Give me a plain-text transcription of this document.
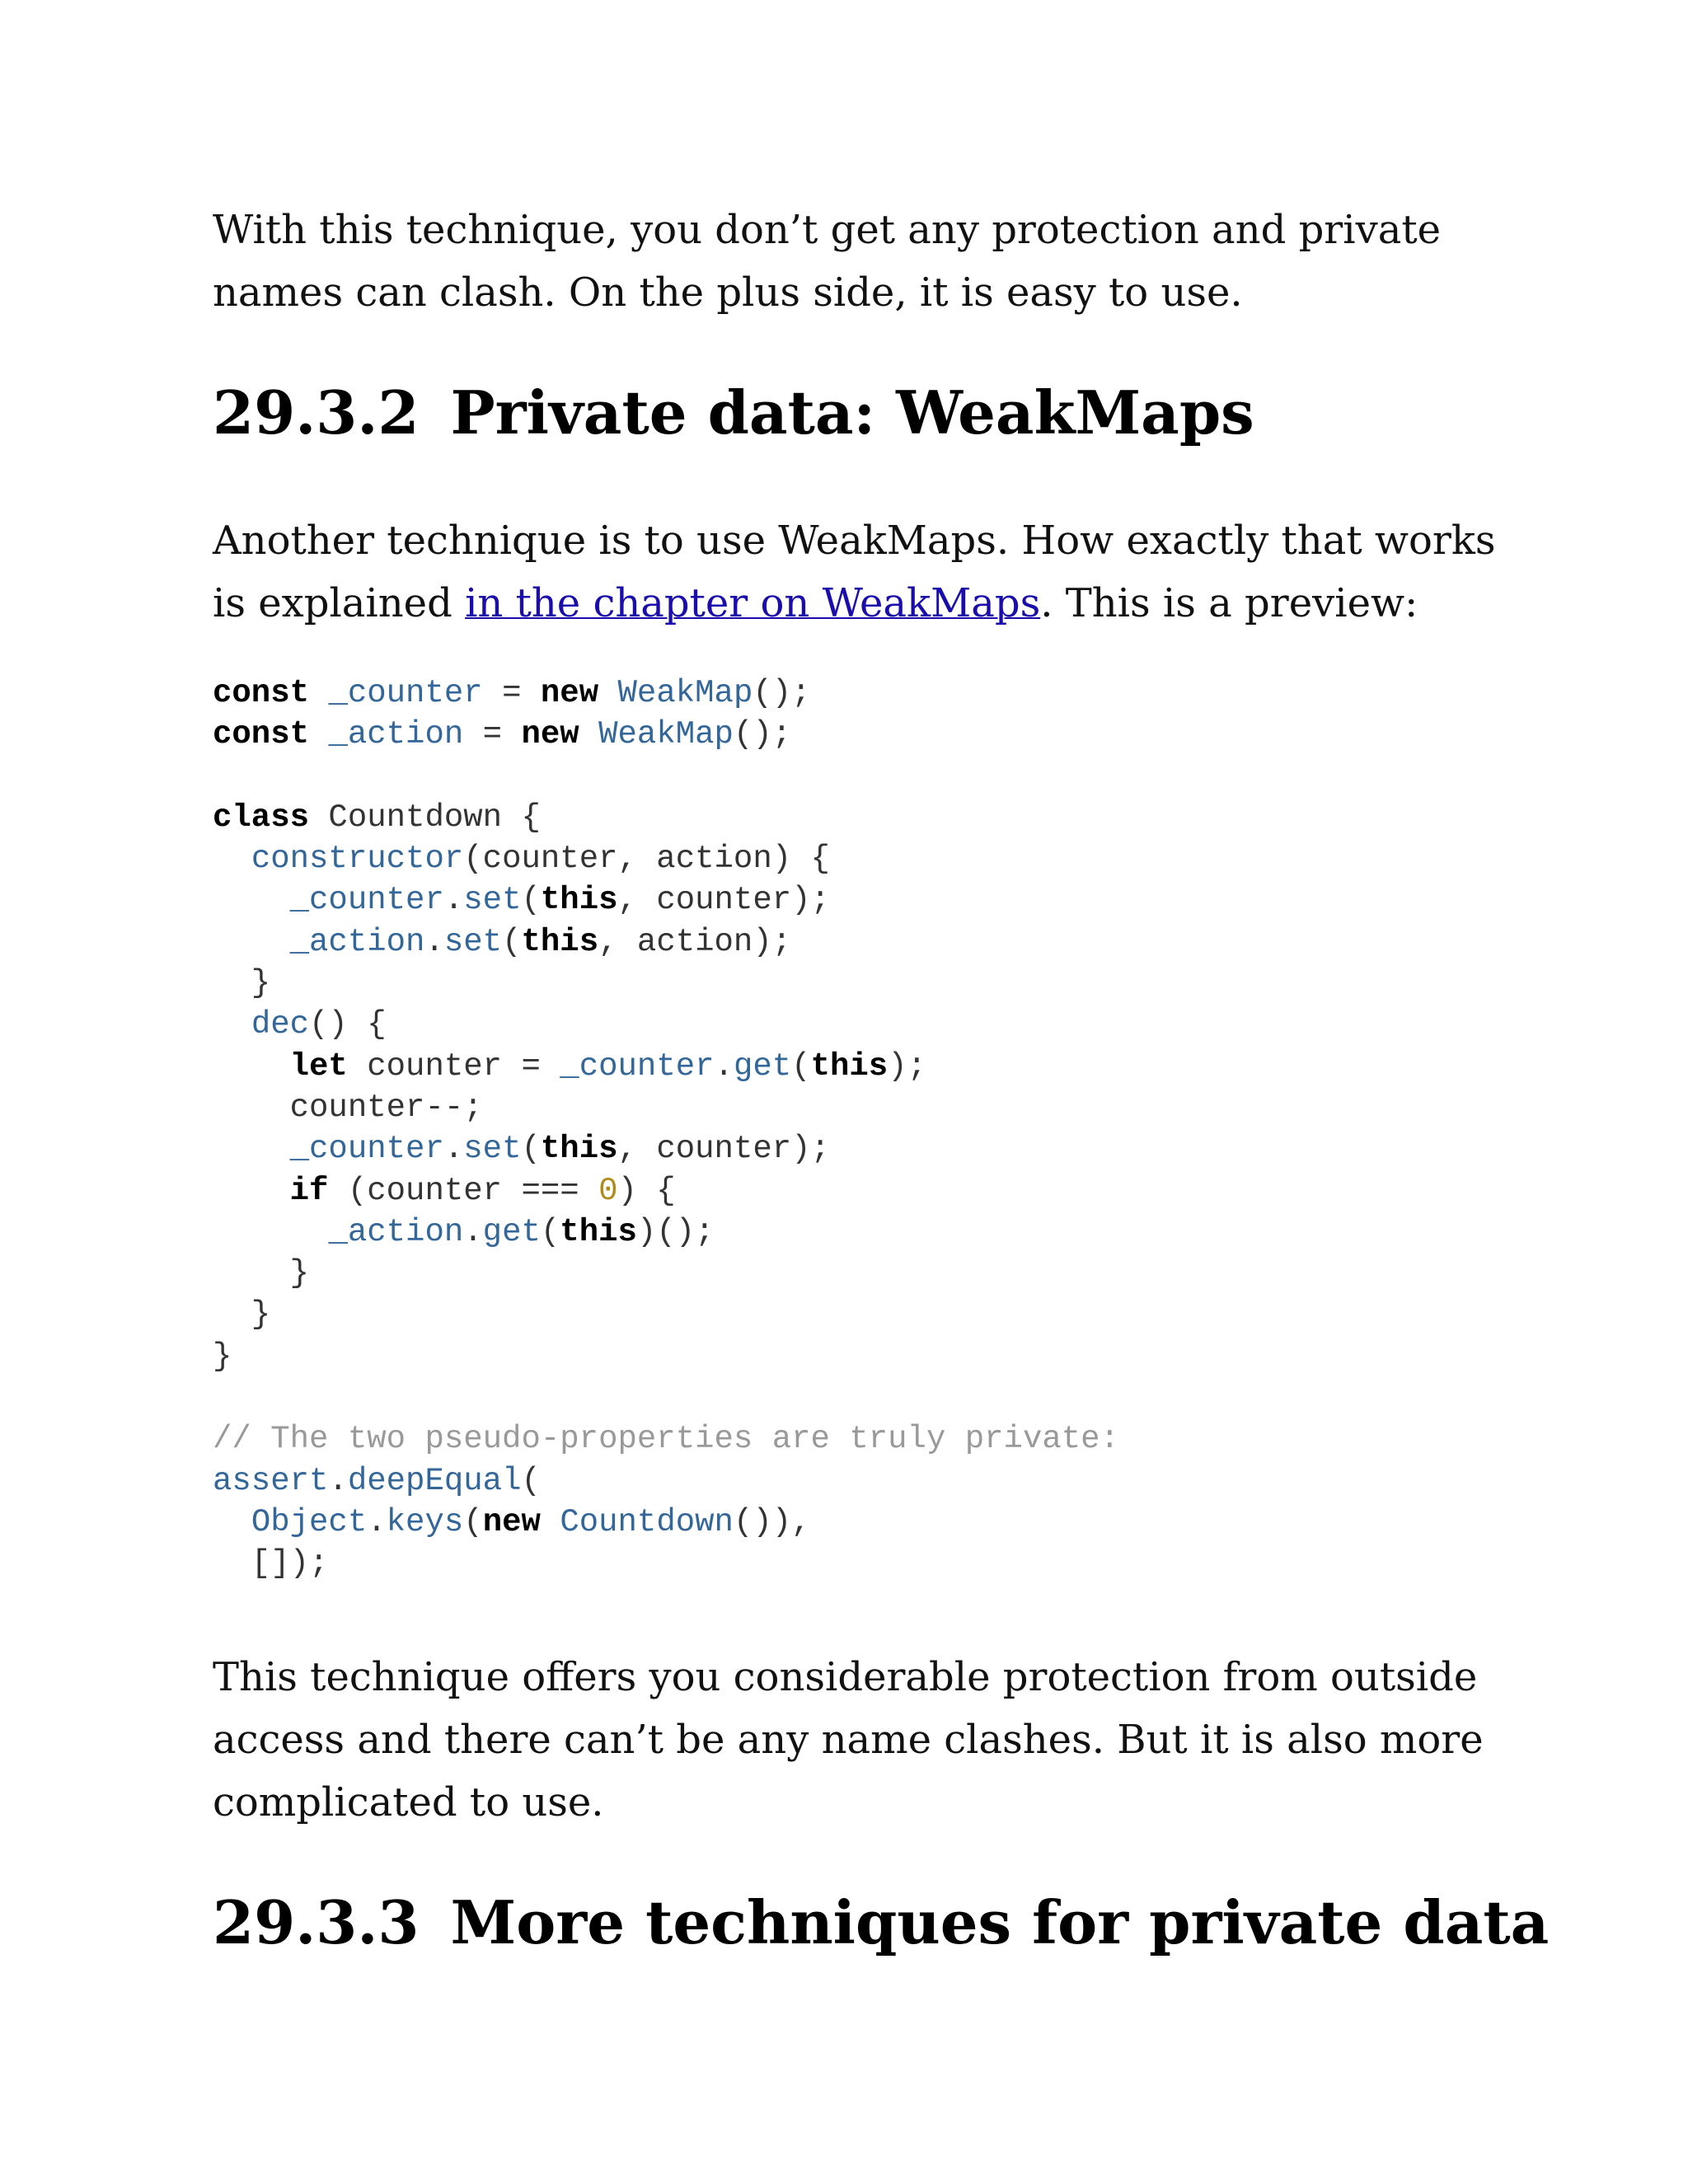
With this technique, you don’t get any protection and private names can clash. On the plus side, it is easy to use.

29.3.2 Private data: WeakMaps

Another technique is to use WeakMaps. How exactly that works is explained in the chapter on WeakMaps. This is a preview:

const _counter = new WeakMap();
const _action = new WeakMap();

class Countdown {
constructor(counter, action) {
_counter.set(this, counter);
_action.set(this, action);
}
dec() {
let counter = _counter.get(this);
counter--;
_counter.set(this, counter);
if (counter === 0) {
_action.get(this)();
}
}
}

// The two pseudo-properties are truly private:
assert.deepEqual(
Object.keys(new Countdown()),
[]);

This technique offers you considerable protection from outside access and there can’t be any name clashes. But it is also more complicated to use.

29.3.3 More techniques for private data
